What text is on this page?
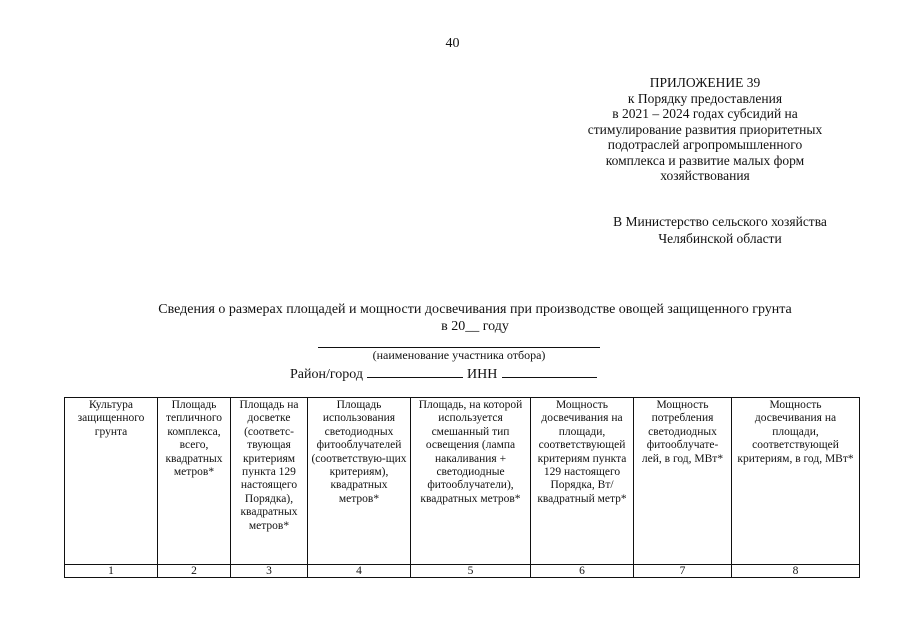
40
ПРИЛОЖЕНИЕ 39
к Порядку предоставления
в 2021 – 2024 годах субсидий на
стимулирование развития приоритетных
подотраслей агропромышленного
комплекса и развитие малых форм
хозяйствования
В Министерство сельского хозяйства
Челябинской области
Сведения о размерах площадей и мощности досвечивания при производстве овощей защищенного грунта
в 20__ году
(наименование участника отбора)
Район/город	ИНН
Культура защищенного грунта	Площадь тепличного комплекса, всего, квадратных метров*	Площадь на досветке (соответс-твующая критериям пункта 129 настоящего Порядка), квадратных метров*	Площадь использования светодиодных фитооблучателей (соответствую-щих критериям), квадратных метров*	Площадь, на которой используется смешанный тип освещения (лампа накаливания + светодиодные фитооблучатели), квадратных метров*	Мощность досвечивания на площади, соответствующей критериям пункта 129 настоящего Порядка, Вт/квадратный метр*	Мощность потребления светодиодных фитооблучате-лей, в год, МВт*	Мощность досвечивания на площади, соответствующей критериям, в год, МВт*
1	2	3	4	5	6	7	8
